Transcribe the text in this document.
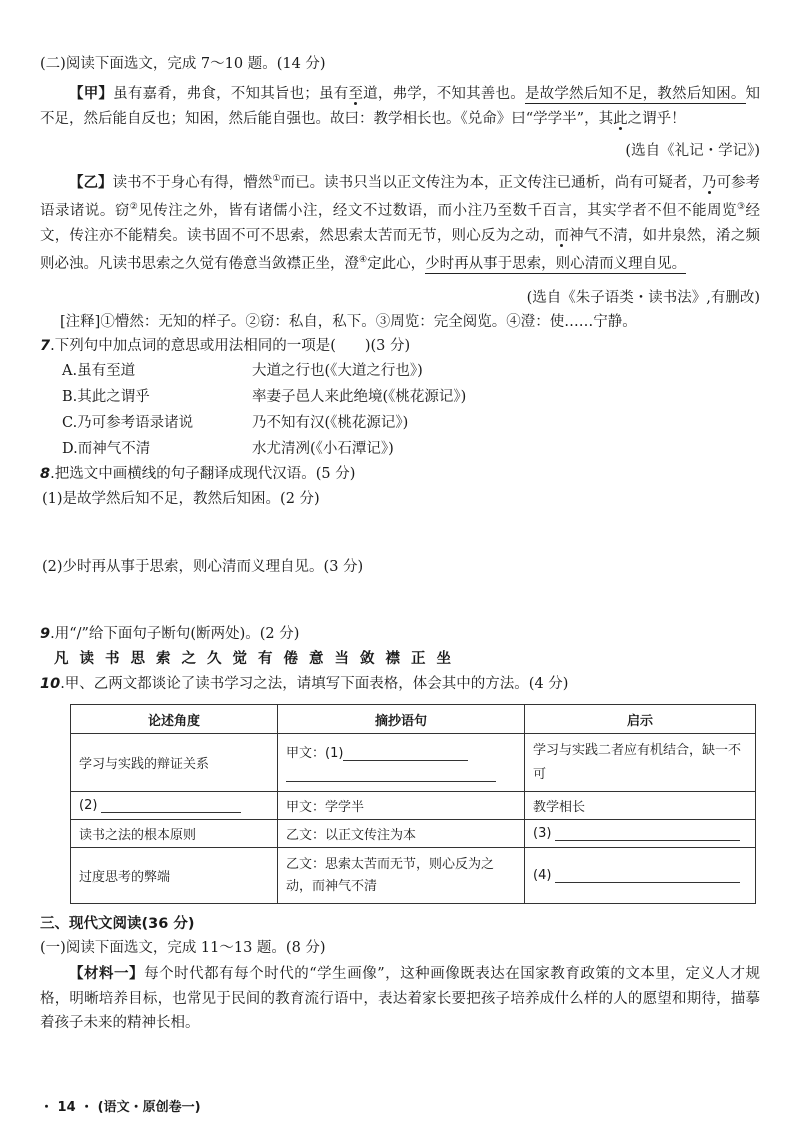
(二)阅读下面选文，完成 7～10 题。(14 分)

【甲】虽有嘉肴，弗食，不知其旨也；虽有至道，弗学，不知其善也。是故学然后知不足，教然后知困。知不足，然后能自反也；知困，然后能自强也。故曰：教学相长也。《兑命》曰“学学半”，其此之谓乎！

(选自《礼记・学记》)

【乙】读书不于身心有得，懵然①而已。读书只当以正文传注为本，正文传注已通析，尚有可疑者，乃可参考语录诸说。窃②见传注之外，皆有诸儒小注，经文不过数语，而小注乃至数千百言，其实学者不但不能周览③经文，传注亦不能精矣。读书固不可不思索，然思索太苦而无节，则心反为之动，而神气不清，如井泉然，淆之频则必浊。凡读书思索之久觉有倦意当敛襟正坐，澄④定此心，少时再从事于思索，则心清而义理自见。

(选自《朱子语类・读书法》,有删改)
[注释]①懵然：无知的样子。②窃：私自，私下。③周览：完全阅览。④澄：使……宁静。
7.下列句中加点词的意思或用法相同的一项是(　　)(3 分)
A.虽有至道	大道之行也(《大道之行也》)
B.其此之谓乎	率妻子邑人来此绝境(《桃花源记》)
C.乃可参考语录诸说	乃不知有汉(《桃花源记》)
D.而神气不清	水尤清冽(《小石潭记》)
8.把选文中画横线的句子翻译成现代汉语。(5 分)
(1)是故学然后知不足，教然后知困。(2 分)
(2)少时再从事于思索，则心清而义理自见。(3 分)
9.用“/”给下面句子断句(断两处)。(2 分)
凡读书思索之久觉有倦意当敛襟正坐
10.甲、乙两文都谈论了读书学习之法，请填写下面表格，体会其中的方法。(4 分)
论述角度	摘抄语句	启示
学习与实践的辩证关系	甲文：(1)	学习与实践二者应有机结合，缺一不可
(2)	甲文：学学半	教学相长
读书之法的根本原则	乙文：以正文传注为本	(3)
过度思考的弊端	乙文：思索太苦而无节，则心反为之动，而神气不清	(4)
三、现代文阅读(36 分)
(一)阅读下面选文，完成 11～13 题。(8 分)

【材料一】每个时代都有每个时代的“学生画像”，这种画像既表达在国家教育政策的文本里，定义人才规格，明晰培养目标，也常见于民间的教育流行语中，表达着家长要把孩子培养成什么样的人的愿望和期待，描摹着孩子未来的精神长相。

・ 14 ・ (语文・原创卷一)
